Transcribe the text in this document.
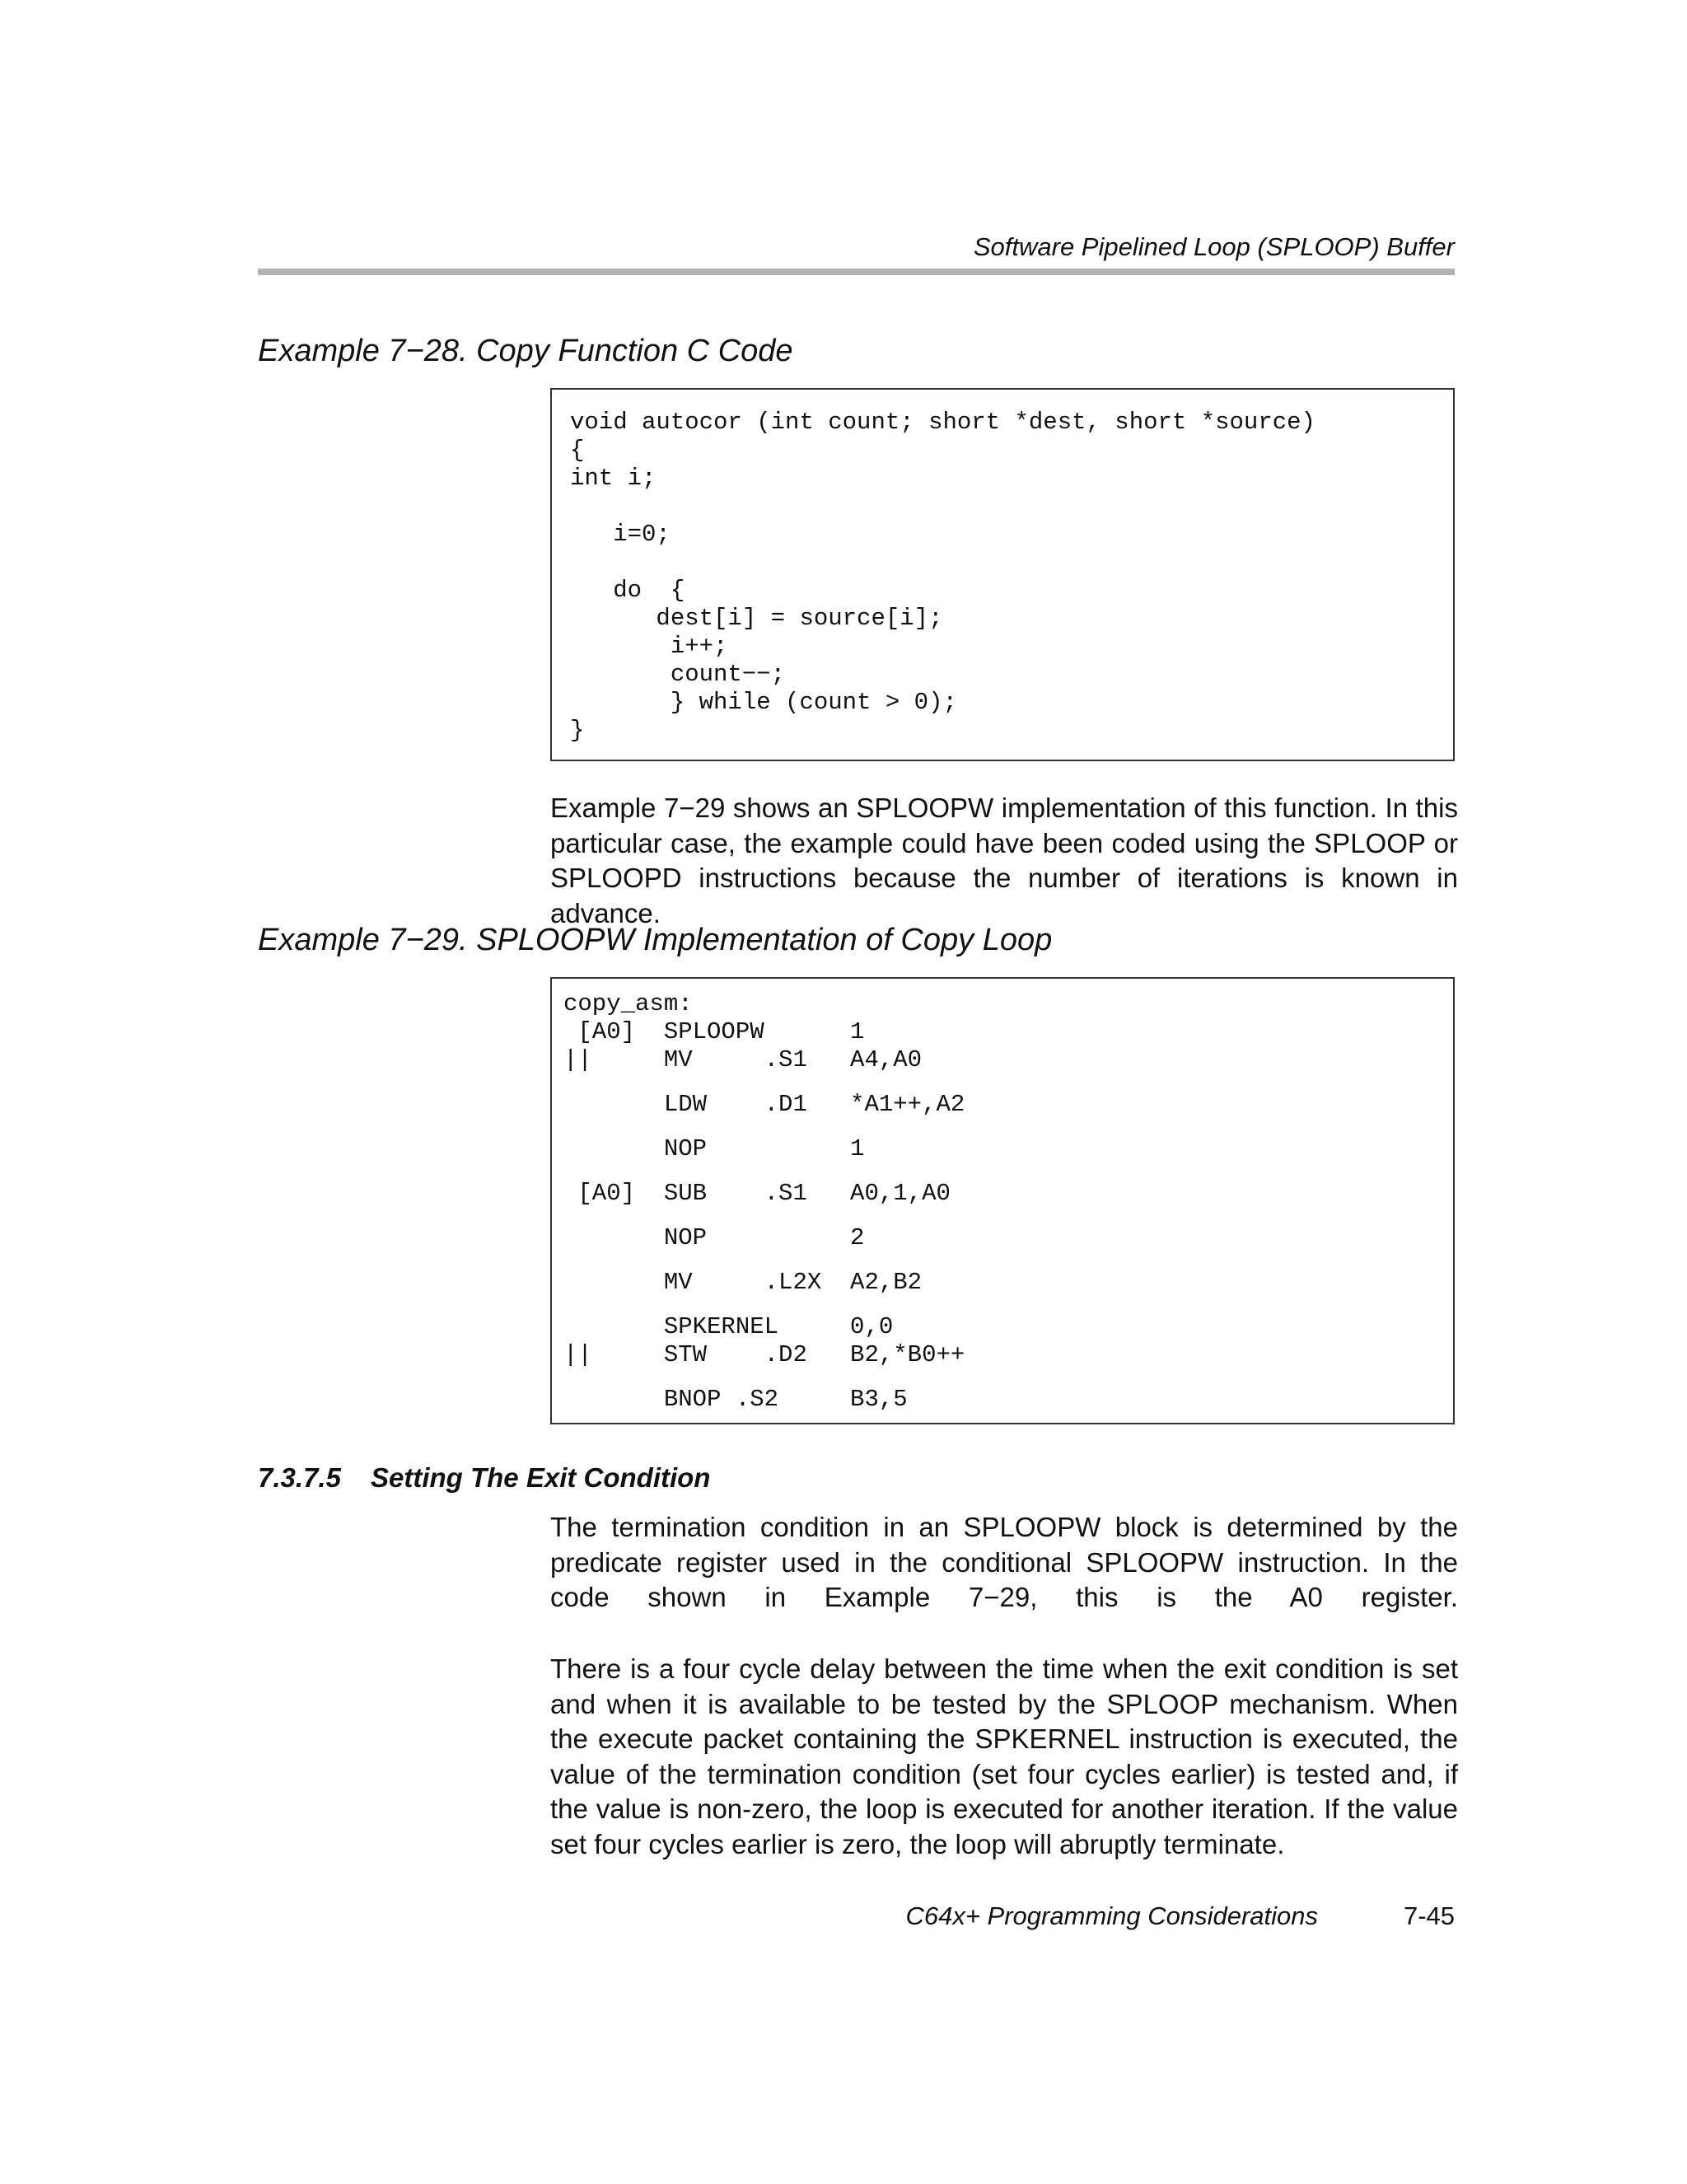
Software Pipelined Loop (SPLOOP) Buffer
Example 7−28. Copy Function C Code
void autocor (int count; short *dest, short *source)
{
int i;
i=0;
do  {
dest[i] = source[i];
i++;
count−−;
} while (count > 0);
}
Example 7−29 shows an SPLOOPW implementation of this function. In this particular case, the example could have been coded using the SPLOOP or SPLOOPD instructions because the number of iterations is known in advance.
Example 7−29. SPLOOPW Implementation of Copy Loop
copy_asm:
[A0]  SPLOOPW      1
||     MV     .S1   A4,A0
LDW    .D1   *A1++,A2
NOP          1
[A0]  SUB    .S1   A0,1,A0
NOP          2
MV     .L2X  A2,B2
SPKERNEL     0,0
||     STW    .D2   B2,*B0++
BNOP .S2     B3,5
7.3.7.5 Setting The Exit Condition
The termination condition in an SPLOOPW block is determined by the predicate register used in the conditional SPLOOPW instruction. In the code shown in Example 7−29, this is the A0 register.
There is a four cycle delay between the time when the exit condition is set and when it is available to be tested by the SPLOOP mechanism. When the execute packet containing the SPKERNEL instruction is executed, the value of the termination condition (set four cycles earlier) is tested and, if the value is non-zero, the loop is executed for another iteration. If the value set four cycles earlier is zero, the loop will abruptly terminate.
C64x+ Programming Considerations	7-45
